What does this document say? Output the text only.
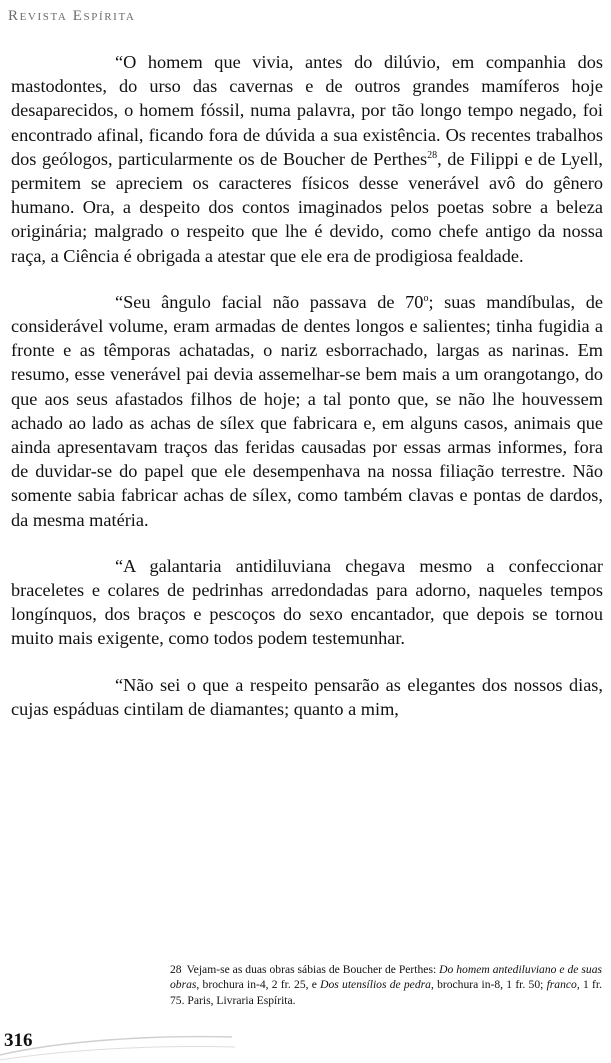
Revista Espírita

“O homem que vivia, antes do dilúvio, em companhia dos mastodontes, do urso das cavernas e de outros grandes mamíferos hoje desaparecidos, o homem fóssil, numa palavra, por tão longo tempo negado, foi encontrado afinal, ficando fora de dúvida a sua existência. Os recentes trabalhos dos geólogos, particularmente os de Boucher de Perthes$^{28}$, de Filippi e de Lyell, permitem se apreciem os caracteres físicos desse venerável avô do gênero humano. Ora, a despeito dos contos imaginados pelos poetas sobre a beleza originária; malgrado o respeito que lhe é devido, como chefe antigo da nossa raça, a Ciência é obrigada a atestar que ele era de prodigiosa fealdade.

“Seu ângulo facial não passava de 70$^o$; suas mandíbulas, de considerável volume, eram armadas de dentes longos e salientes; tinha fugidia a fronte e as têmporas achatadas, o nariz esborrachado, largas as narinas. Em resumo, esse venerável pai devia assemelhar-se bem mais a um orangotango, do que aos seus afastados filhos de hoje; a tal ponto que, se não lhe houvessem achado ao lado as achas de sílex que fabricara e, em alguns casos, animais que ainda apresentavam traços das feridas causadas por essas armas informes, fora de duvidar-se do papel que ele desempenhava na nossa filiação terrestre. Não somente sabia fabricar achas de sílex, como também clavas e pontas de dardos, da mesma matéria.

“A galantaria antidiluviana chegava mesmo a confeccionar braceletes e colares de pedrinhas arredondadas para adorno, naqueles tempos longínquos, dos braços e pescoços do sexo encantador, que depois se tornou muito mais exigente, como todos podem testemunhar.

“Não sei o que a respeito pensarão as elegantes dos nossos dias, cujas espáduas cintilam de diamantes; quanto a mim,

28 Vejam-se as duas obras sábias de Boucher de Perthes: Do homem antediluviano e de suas obras, brochura in-4, 2 fr. 25, e Dos utensílios de pedra, brochura in-8, 1 fr. 50; franco, 1 fr. 75. Paris, Livraria Espírita.
316
